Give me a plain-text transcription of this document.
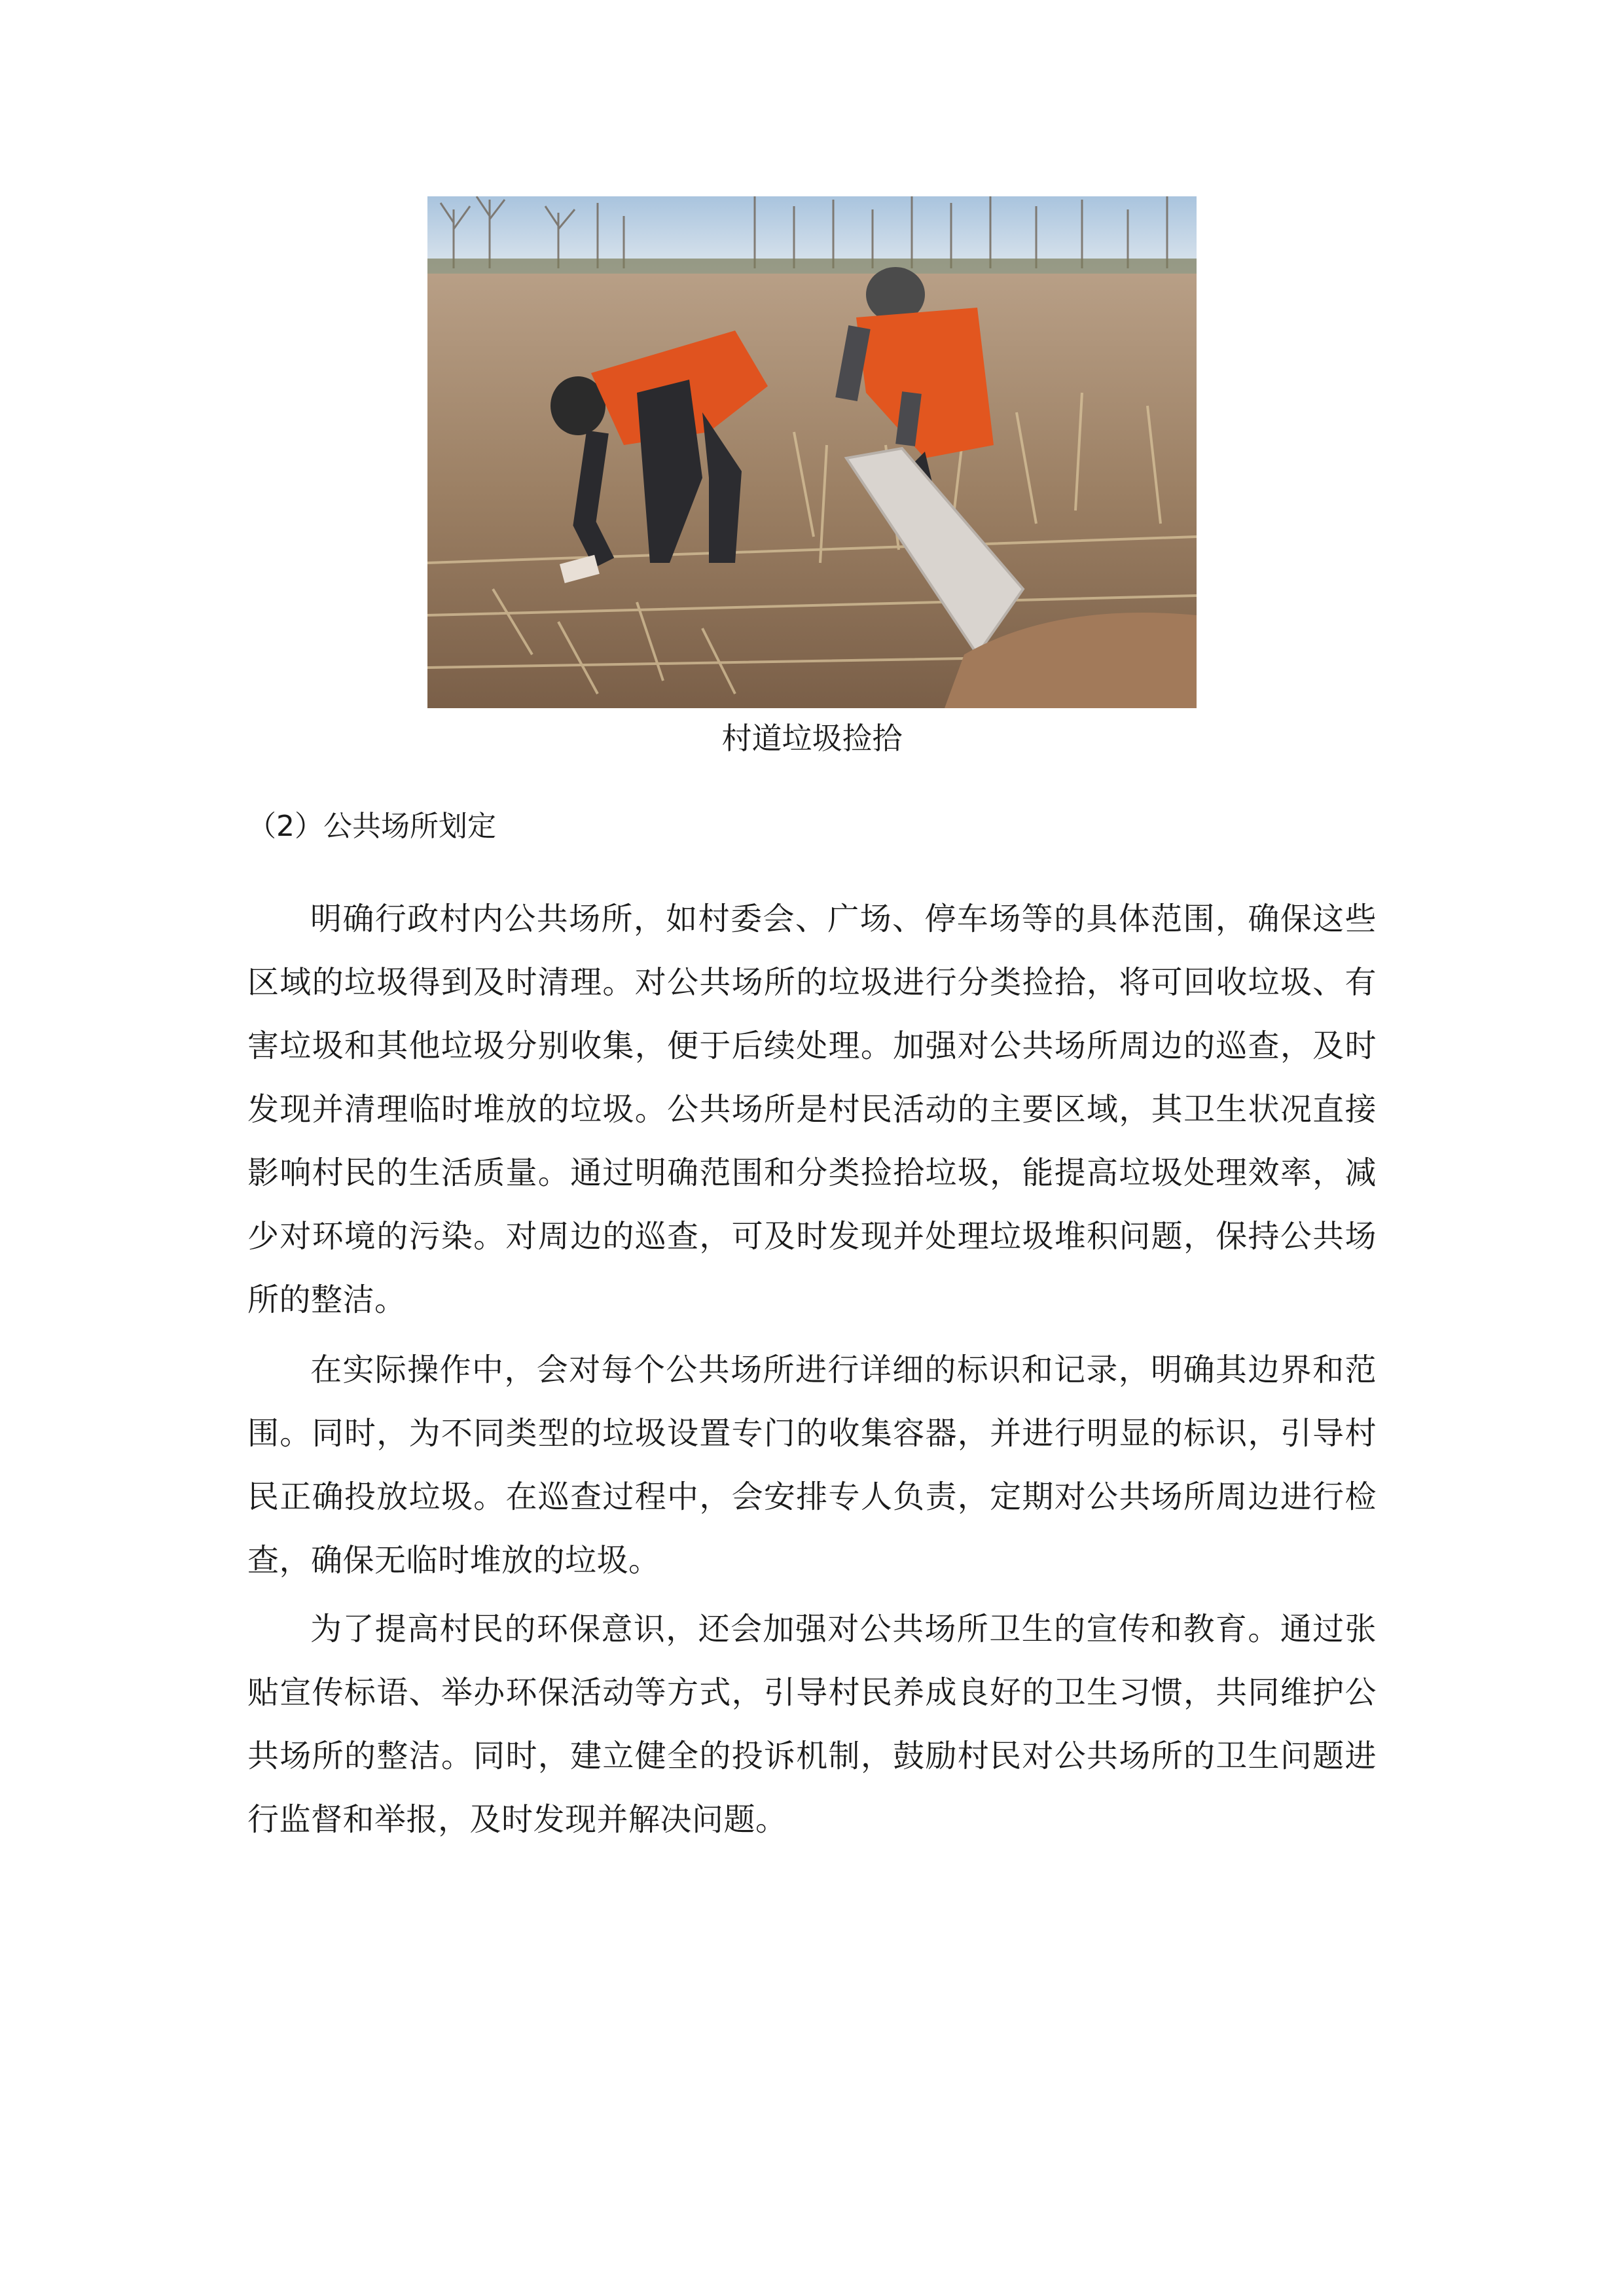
村道垃圾捡拾
（2）公共场所划定

明确行政村内公共场所，如村委会、广场、停车场等的具体范围，确保这些区域的垃圾得到及时清理。对公共场所的垃圾进行分类捡拾，将可回收垃圾、有害垃圾和其他垃圾分别收集，便于后续处理。加强对公共场所周边的巡查，及时发现并清理临时堆放的垃圾。公共场所是村民活动的主要区域，其卫生状况直接影响村民的生活质量。通过明确范围和分类捡拾垃圾，能提高垃圾处理效率，减少对环境的污染。对周边的巡查，可及时发现并处理垃圾堆积问题，保持公共场所的整洁。

在实际操作中，会对每个公共场所进行详细的标识和记录，明确其边界和范围。同时，为不同类型的垃圾设置专门的收集容器，并进行明显的标识，引导村民正确投放垃圾。在巡查过程中，会安排专人负责，定期对公共场所周边进行检查，确保无临时堆放的垃圾。

为了提高村民的环保意识，还会加强对公共场所卫生的宣传和教育。通过张贴宣传标语、举办环保活动等方式，引导村民养成良好的卫生习惯，共同维护公共场所的整洁。同时，建立健全的投诉机制，鼓励村民对公共场所的卫生问题进行监督和举报，及时发现并解决问题。
